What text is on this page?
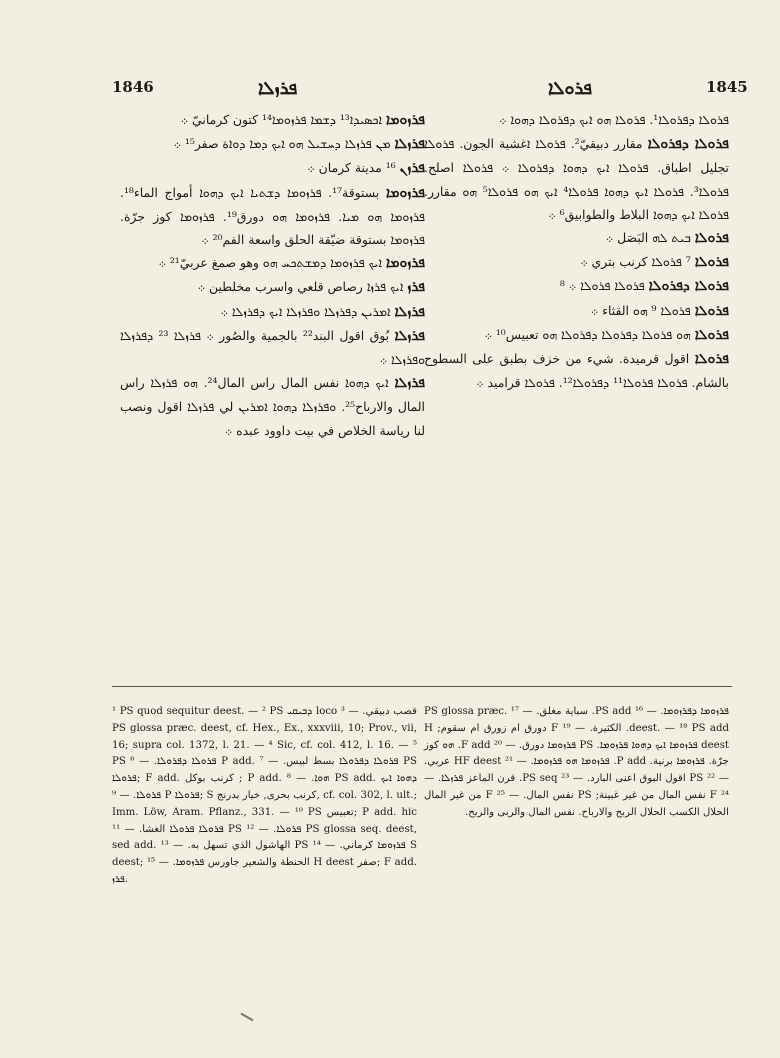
1846	ܦܪܙܠܐ	ܦܪܘܠܐ	1845

ܦܪܙܘܡܐ ܐܟܣܝܕܐ¹³ ܕܫܡܐ ܦܪܙܘܡܐ¹⁴ كتون كرمانيّ ܀

ܦܪܙܠܐ ܡܢ ܦܪܙܠܐ ܕܚܫܝܠ ܗܘ ܐܝܟ ܕܡܐ ܕܘܐة صفر¹⁵ ܀

ܦܪܙܢ ¹⁶ مدينة كرمان ܀

ܦܪܙܘܡܐ بستوقة¹⁷. ܦܪܙܘܡܐ ܕܫܬܝܐ ܐܝܟ ܕܗܘܐ أمواج الماء¹⁸. ܦܪܙܘܡܐ ܗܘ ܡܝܐ. ܦܪܙܘܡܐ ܗܘ دورق¹⁹. ܦܪܙܘܡܐ كوز جرّة. ܦܪܙܘܡܐ بستوقة ضيّقة الحلق واسعة الفم²⁰ ܀

ܦܪܙܘܡܐ ܐܝܟ ܦܪܙܘܡܐ ܕܡܫܬܟܚ ܗܘ وهو صمغ عربيّ²¹ ܀

ܦܪܙ ܐܝܟ ܦܪܙܐ رصاص قلعي واسرب مخلطين ܀

ܦܪܙܠܐ ܐܡܪܝܢ ܕܦܪܙܠܐ ܘܦܪܙܠܐ ܐܝܟ ܕܦܪܙܠܐ ܀

ܦܪܙܠܐ بُوق اقول البند²² بالجمية والصُور ܀ ܦܪܙܠܐ ²³ ܕܦܪܙܠܐ ܘܦܪܙܠܐ ܀

ܦܪܙܠܐ ܐܝܟ ܕܗܘܐ نفس المال راس المال²⁴. ܗܘ ܦܪܙܠܐ راس المال والارباح²⁵. ܘܦܪܙܠܐ ܕܗܘܐ ܐܡܪܝܢ لي ܦܪܙܠܐ اقول ونصب لنا رياسة الخلاص في بيت داوود عبده ܀

ܦܪܘܠܐ ܕܦܪܘܠܐ¹. ܦܪܘܠܐ ܗܘ ܐܝܟ ܕܦܪܘܠܐ ܕܗܘܐ ܀

ܦܪܘܠܐ ܕܦܪܘܠܐ مقارر دبيقيّ². ܦܪܘܠܐ ܐغشية الجون. ܦܪܘܠܐ تجليل اطباق. ܦܪܘܠܐ ܐܝܟ ܕܗܘܐ ܕܦܪܘܠܐ ܀ ܦܪܘܠܐ اصلح. ܦܪܘܠܐ³. ܦܪܘܠܐ ܐܝܟ ܕܗܘܐ ܦܪܘܠܐ⁴ ܐܝܟ ܗܘ ܦܪܘܠܐ⁵ ܗܘ مقارر. ܦܪܘܠܐ ܐܝܟ ܕܗܘܐ البلاط والطوابيق⁶ ܀

ܦܪܘܠܐ ܒܝܬ ܠܗ البَصَل ܀

ܦܪܘܠܐ ⁷ ܦܪܘܠܐ كرنب بتري ܀

ܦܪܘܠܐ ܕܦܪܘܠܐ ܦܪܘܠܐ ܦܪܘܠܐ ܀ ⁸

ܦܪܘܠܐ ܦܪܘܠܐ ⁹ ܗܘ القثاء ܀

ܦܪܘܠܐ ܗܘ ܦܪܘܠܐ ܕܦܪܘܠܐ ܕܦܪܘܠܐ ܗܘ تعبيس¹⁰ ܀

ܦܪܘܠܐ اقول قرميدة. شيء من خزف بطبق على السطوح بالشام. ܦܪܘܠܐ ܦܪܘܠܐ¹¹ ܕܦܪܘܠܐ¹². ܦܪܘܠܐ قراميد ܀

¹ PS quod sequitur deest. — ² PS ܕܒܝܩܝ loco قصب دبيقي. — ³ PS glossa præc. deest, cf. Hex., Ex., xxxviii, 10; Prov., vii, 16; supra col. 1372, l. 21. — ⁴ Sic, cf. col. 412, l. 16. — ⁵ PS ܦܪܘܠܐ ܕܦܪܘܠܐ. — ⁶ P add. ܦܪܘܠܐ ܕܦܪܘܠܐ بسط لبيس. — ⁷ PS ܦܪܘܠܐ; F add. كرنب بوكل ; P add. ܗܘܐ. — ⁸ PS add. ܕܗܘܐ ܐܝܟ ܦܪܘܠܐ. — ⁹ P ܦܪܘܠܐ; S كرنب بحرى, خيار بدرنج, cf. col. 302, l. ult.; Imm. Löw, Aram. Pflanz., 331. — ¹⁰ PS تعبيس; P add. hic ܦܪܘܠܐ ܦܪܘܠܐ الغشا. — ¹¹ PS ܦܪܘܠܐ. — ¹² PS glossa seq. deest, sed add. الهاشول الذي تسهل به. — ¹³ PS ܦܪܙܘܡܐ كرماني. — ¹⁴ S deest; الحنطة والشعير جاورس ܦܪܙܘܡܐ. — ¹⁵ H deest صفر; F add. ܦܪܙ.

ܦܪܙܘܡܐ ܕܦܪܙܘܡܐ. — ¹⁶ PS add. سباية مغلق. — ¹⁷ PS glossa præc. deest. — ¹⁸ PS add. الكثيرة. — ¹⁹ F دورق ام زورق ام سقوم; H deest ܦܪܙܘܡܐ ܐܝܟ ܕܗܘܐ ܦܪܙܘܡܐ. PS ܦܪܙܘܡܐ دورق. — ²⁰ F add. ܗܘ كوز جرّة. ܦܪܙܘܡܐ برنية. P add. ܦܪܙܘܡܐ ܗܘ ܦܪܙܘܡܐ. — ²¹ HF deest عربي. — ²² PS اقول البوق اعنى البارد. — ²³ PS seq. قرن الماعز ܦܪܙܠܐ. — ²⁴ F نفس المال من غير غبينة; PS نفس المال. — ²⁵ F من غير المال الحلال الكسب الحلال الربح والارباح. نفس المال والربى والربح.
